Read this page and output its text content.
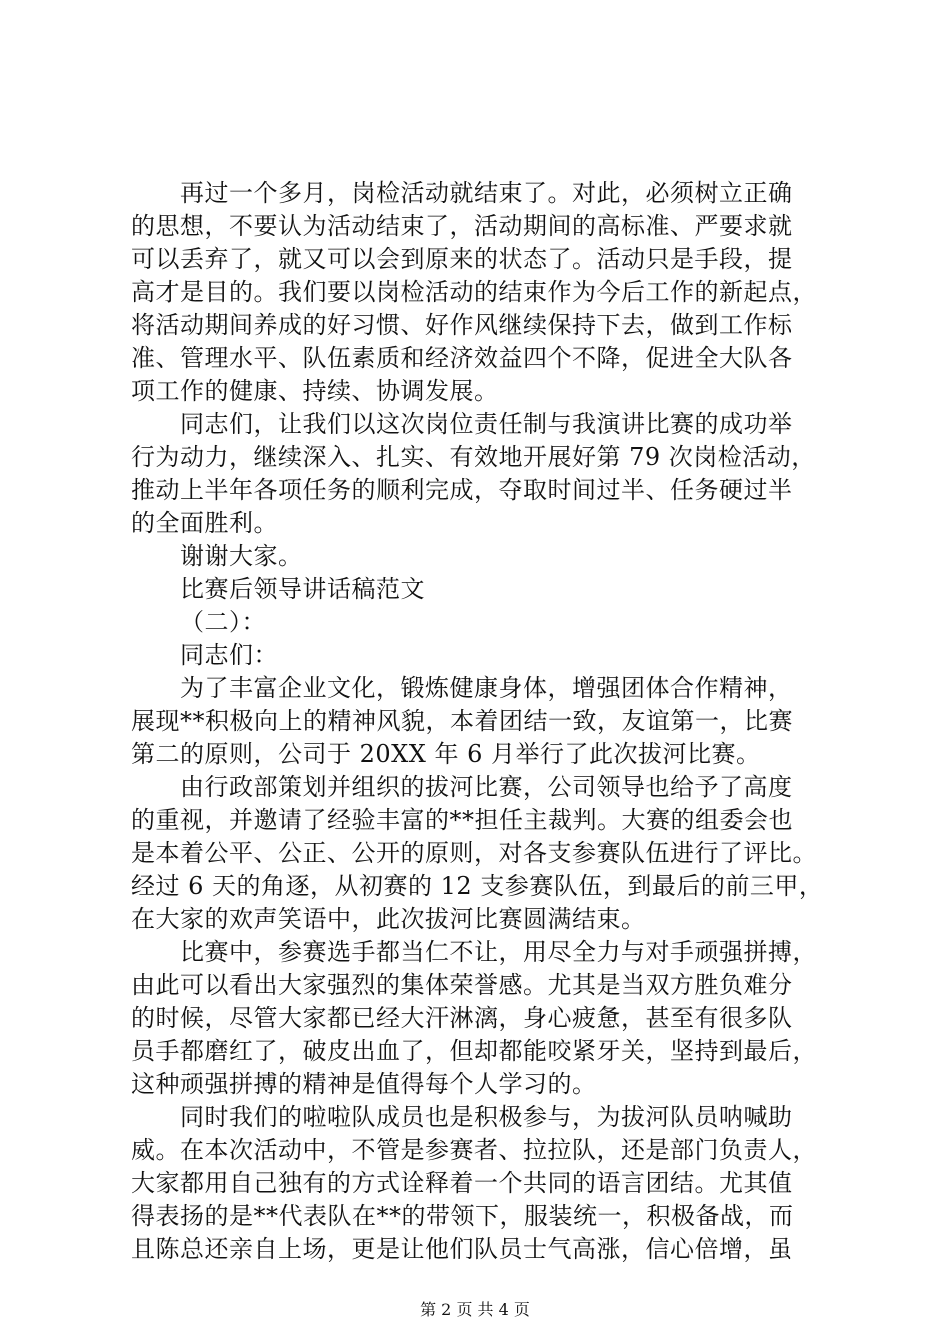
再过一个多月，岗检活动就结束了。对此，必须树立正确
的思想，不要认为活动结束了，活动期间的高标准、严要求就
可以丢弃了，就又可以会到原来的状态了。活动只是手段，提
高才是目的。我们要以岗检活动的结束作为今后工作的新起点，
将活动期间养成的好习惯、好作风继续保持下去，做到工作标
准、管理水平、队伍素质和经济效益四个不降，促进全大队各
项工作的健康、持续、协调发展。
同志们，让我们以这次岗位责任制与我演讲比赛的成功举
行为动力，继续深入、扎实、有效地开展好第 79 次岗检活动，
推动上半年各项任务的顺利完成，夺取时间过半、任务硬过半
的全面胜利。
谢谢大家。
比赛后领导讲话稿范文
（二）：
同志们：
为了丰富企业文化，锻炼健康身体，增强团体合作精神，
展现**积极向上的精神风貌，本着团结一致，友谊第一，比赛
第二的原则，公司于 20XX 年 6 月举行了此次拔河比赛。
由行政部策划并组织的拔河比赛，公司领导也给予了高度
的重视，并邀请了经验丰富的**担任主裁判。大赛的组委会也
是本着公平、公正、公开的原则，对各支参赛队伍进行了评比。
经过 6 天的角逐，从初赛的 12 支参赛队伍，到最后的前三甲，
在大家的欢声笑语中，此次拔河比赛圆满结束。
比赛中，参赛选手都当仁不让，用尽全力与对手顽强拼搏，
由此可以看出大家强烈的集体荣誉感。尤其是当双方胜负难分
的时候，尽管大家都已经大汗淋漓，身心疲惫，甚至有很多队
员手都磨红了，破皮出血了，但却都能咬紧牙关，坚持到最后，
这种顽强拼搏的精神是值得每个人学习的。
同时我们的啦啦队成员也是积极参与，为拔河队员呐喊助
威。在本次活动中，不管是参赛者、拉拉队，还是部门负责人，
大家都用自己独有的方式诠释着一个共同的语言团结。尤其值
得表扬的是**代表队在**的带领下，服装统一，积极备战，而
且陈总还亲自上场，更是让他们队员士气高涨，信心倍增，虽
第 2 页 共 4 页
